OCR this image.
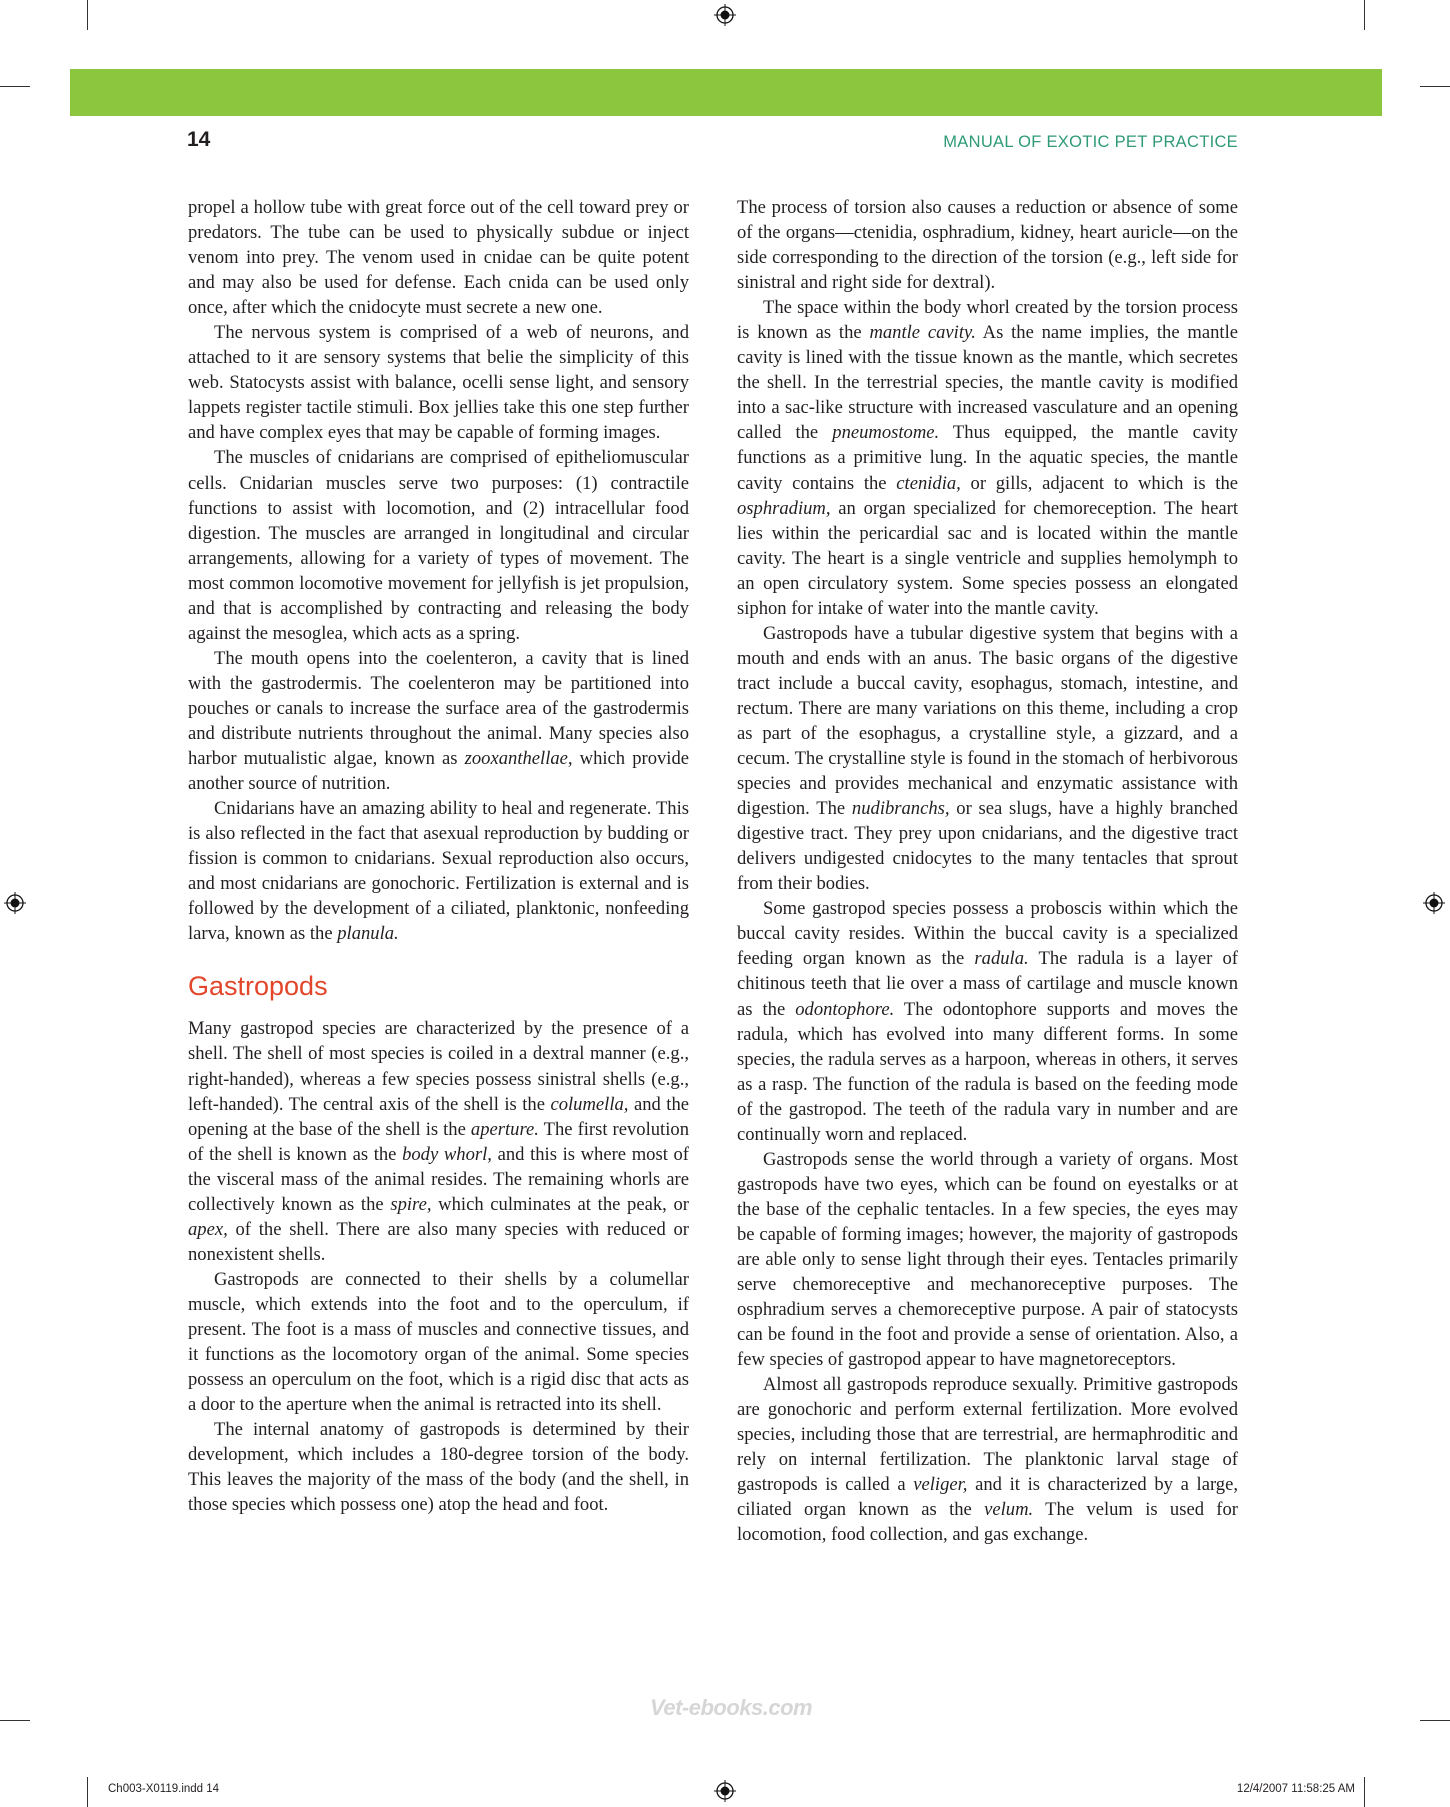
14	MANUAL OF EXOTIC PET PRACTICE

propel a hollow tube with great force out of the cell toward prey or predators. The tube can be used to physically subdue or inject venom into prey. The venom used in cnidae can be quite potent and may also be used for defense. Each cnida can be used only once, after which the cnidocyte must secrete a new one.

The nervous system is comprised of a web of neurons, and attached to it are sensory systems that belie the simplicity of this web. Statocysts assist with balance, ocelli sense light, and sensory lappets register tactile stimuli. Box jellies take this one step further and have complex eyes that may be capable of forming images.

The muscles of cnidarians are comprised of epitheliomuscular cells. Cnidarian muscles serve two purposes: (1) contractile functions to assist with locomotion, and (2) intracellular food digestion. The muscles are arranged in longitudinal and circular arrangements, allowing for a variety of types of movement. The most common locomotive movement for jellyfish is jet propulsion, and that is accomplished by contracting and releasing the body against the mesoglea, which acts as a spring.

The mouth opens into the coelenteron, a cavity that is lined with the gastrodermis. The coelenteron may be partitioned into pouches or canals to increase the surface area of the gastrodermis and distribute nutrients throughout the animal. Many species also harbor mutualistic algae, known as zooxanthellae, which provide another source of nutrition.

Cnidarians have an amazing ability to heal and regenerate. This is also reflected in the fact that asexual reproduction by budding or fission is common to cnidarians. Sexual reproduction also occurs, and most cnidarians are gonochoric. Fertilization is external and is followed by the development of a ciliated, planktonic, nonfeeding larva, known as the planula.

Gastropods

Many gastropod species are characterized by the presence of a shell. The shell of most species is coiled in a dextral manner (e.g., right-handed), whereas a few species possess sinistral shells (e.g., left-handed). The central axis of the shell is the columella, and the opening at the base of the shell is the aperture. The first revolution of the shell is known as the body whorl, and this is where most of the visceral mass of the animal resides. The remaining whorls are collectively known as the spire, which culminates at the peak, or apex, of the shell. There are also many species with reduced or nonexistent shells.

Gastropods are connected to their shells by a columellar muscle, which extends into the foot and to the operculum, if present. The foot is a mass of muscles and connective tissues, and it functions as the locomotory organ of the animal. Some species possess an operculum on the foot, which is a rigid disc that acts as a door to the aperture when the animal is retracted into its shell.

The internal anatomy of gastropods is determined by their development, which includes a 180-degree torsion of the body. This leaves the majority of the mass of the body (and the shell, in those species which possess one) atop the head and foot.

The process of torsion also causes a reduction or absence of some of the organs—ctenidia, osphradium, kidney, heart auricle—on the side corresponding to the direction of the torsion (e.g., left side for sinistral and right side for dextral).

The space within the body whorl created by the torsion process is known as the mantle cavity. As the name implies, the mantle cavity is lined with the tissue known as the mantle, which secretes the shell. In the terrestrial species, the mantle cavity is modified into a sac-like structure with increased vasculature and an opening called the pneumostome. Thus equipped, the mantle cavity functions as a primitive lung. In the aquatic species, the mantle cavity contains the ctenidia, or gills, adjacent to which is the osphradium, an organ specialized for chemoreception. The heart lies within the pericardial sac and is located within the mantle cavity. The heart is a single ventricle and supplies hemolymph to an open circulatory system. Some species possess an elongated siphon for intake of water into the mantle cavity.

Gastropods have a tubular digestive system that begins with a mouth and ends with an anus. The basic organs of the digestive tract include a buccal cavity, esophagus, stomach, intestine, and rectum. There are many variations on this theme, including a crop as part of the esophagus, a crystalline style, a gizzard, and a cecum. The crystalline style is found in the stomach of herbivorous species and provides mechanical and enzymatic assistance with digestion. The nudibranchs, or sea slugs, have a highly branched digestive tract. They prey upon cnidarians, and the digestive tract delivers undigested cnidocytes to the many tentacles that sprout from their bodies.

Some gastropod species possess a proboscis within which the buccal cavity resides. Within the buccal cavity is a specialized feeding organ known as the radula. The radula is a layer of chitinous teeth that lie over a mass of cartilage and muscle known as the odontophore. The odontophore supports and moves the radula, which has evolved into many different forms. In some species, the radula serves as a harpoon, whereas in others, it serves as a rasp. The function of the radula is based on the feeding mode of the gastropod. The teeth of the radula vary in number and are continually worn and replaced.

Gastropods sense the world through a variety of organs. Most gastropods have two eyes, which can be found on eyestalks or at the base of the cephalic tentacles. In a few species, the eyes may be capable of forming images; however, the majority of gastropods are able only to sense light through their eyes. Tentacles primarily serve chemoreceptive and mechanoreceptive purposes. The osphradium serves a chemoreceptive purpose. A pair of statocysts can be found in the foot and provide a sense of orientation. Also, a few species of gastropod appear to have magnetoreceptors.

Almost all gastropods reproduce sexually. Primitive gastropods are gonochoric and perform external fertilization. More evolved species, including those that are terrestrial, are hermaphroditic and rely on internal fertilization. The planktonic larval stage of gastropods is called a veliger, and it is characterized by a large, ciliated organ known as the velum. The velum is used for locomotion, food collection, and gas exchange.

Vet-ebooks.com
Ch003-X0119.indd 14	12/4/2007 11:58:25 AM
